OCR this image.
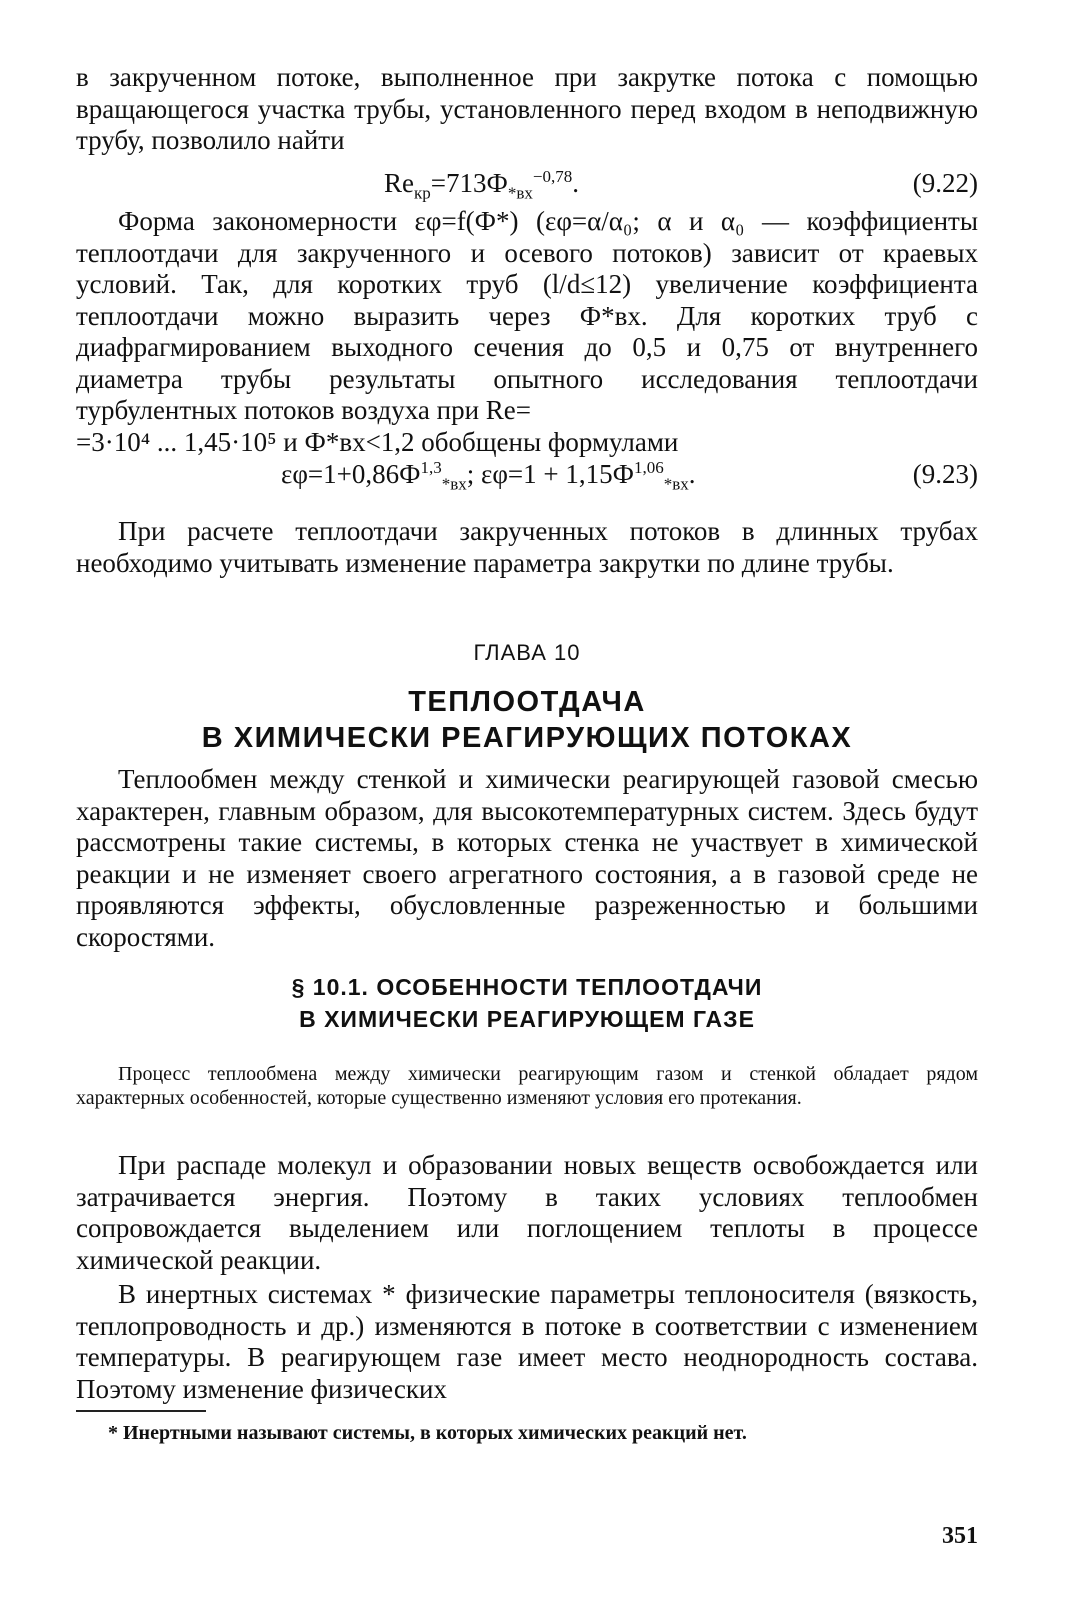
в закрученном потоке, выполненное при закрутке потока с помощью вращающегося участка трубы, установленного перед входом в неподвижную трубу, позволило найти

$Re_{кр}=713Ф_{*вх}^{-0,78}$.	(9.22)

Форма закономерности εφ=f(Ф*) (εφ=α/α₀; α и α₀ — коэффициенты теплоотдачи для закрученного и осевого потоков) зависит от краевых условий. Так, для коротких труб (l/d≤12) увеличение коэффициента теплоотдачи можно выразить через Ф*вх. Для коротких труб с диафрагмированием выходного сечения до 0,5 и 0,75 от внутреннего диаметра трубы результаты опытного исследования теплоотдачи турбулентных потоков воздуха при Re=

=3·10⁴ ... 1,45·10⁵ и Ф*вх<1,2 обобщены формулами

$\varepsilon\varphi=1+0,86Ф^{1,3}_{*вх}$; $\varepsilon\varphi=1 + 1,15Ф^{1,06}_{*вх}$.	(9.23)

При расчете теплоотдачи закрученных потоков в длинных трубах необходимо учитывать изменение параметра закрутки по длине трубы.

ГЛАВА 10
ТЕПЛООТДАЧА
В ХИМИЧЕСКИ РЕАГИРУЮЩИХ ПОТОКАХ

Теплообмен между стенкой и химически реагирующей газовой смесью характерен, главным образом, для высокотемпературных систем. Здесь будут рассмотрены такие системы, в которых стенка не участвует в химической реакции и не изменяет своего агрегатного состояния, а в газовой среде не проявляются эффекты, обусловленные разреженностью и большими скоростями.

§ 10.1. ОСОБЕННОСТИ ТЕПЛООТДАЧИ
В ХИМИЧЕСКИ РЕАГИРУЮЩЕМ ГАЗЕ

Процесс теплообмена между химически реагирующим газом и стенкой обладает рядом характерных особенностей, которые существенно изменяют условия его протекания.

При распаде молекул и образовании новых веществ освобождается или затрачивается энергия. Поэтому в таких условиях теплообмен сопровождается выделением или поглощением теплоты в процессе химической реакции.

В инертных системах * физические параметры теплоносителя (вязкость, теплопроводность и др.) изменяются в потоке в соответствии с изменением температуры. В реагирующем газе имеет место неоднородность состава. Поэтому изменение физических

* Инертными называют системы, в которых химических реакций нет.
351
